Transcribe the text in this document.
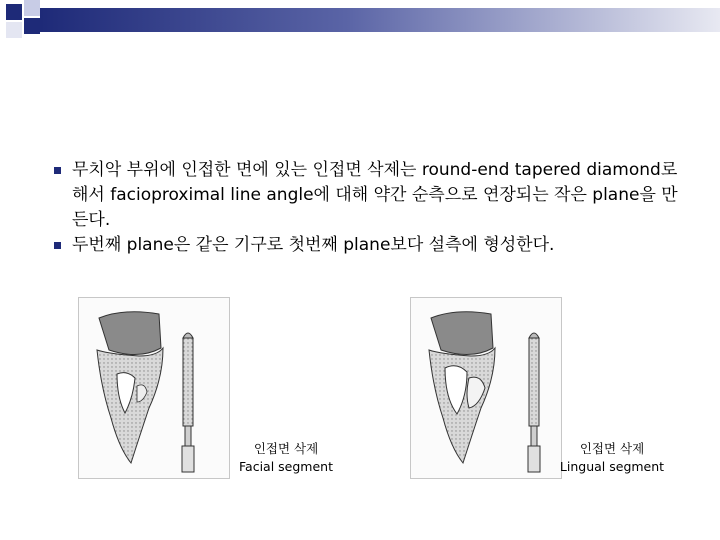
무치악 부위에 인접한 면에 있는 인접면 삭제는 round-end tapered diamond로 해서 facioproximal line angle에 대해 약간 순측으로 연장되는 작은 plane을 만든다.
두번째 plane은 같은 기구로 첫번째 plane보다 설측에 형성한다.
인접면 삭제
Facial segment
인접면 삭제
Lingual segment
